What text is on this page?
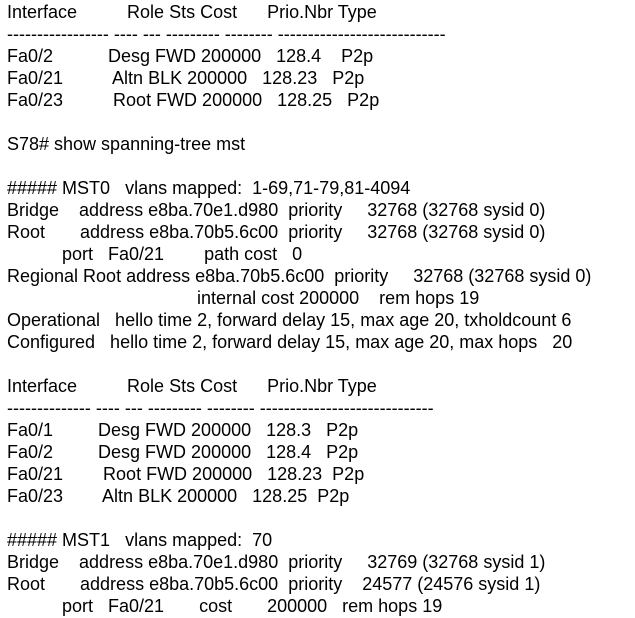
Interface          Role Sts Cost      Prio.Nbr Type
----------------- ---- --- --------- -------- ----------------------------
Fa0/2           Desg FWD 200000   128.4    P2p
Fa0/21          Altn BLK 200000   128.23   P2p
Fa0/23          Root FWD 200000   128.25   P2p
S78# show spanning-tree mst
##### MST0   vlans mapped:  1-69,71-79,81-4094
Bridge    address e8ba.70e1.d980  priority     32768 (32768 sysid 0)
Root       address e8ba.70b5.6c00  priority     32768 (32768 sysid 0)
port   Fa0/21        path cost   0
Regional Root address e8ba.70b5.6c00  priority     32768 (32768 sysid 0)
internal cost 200000    rem hops 19
Operational   hello time 2, forward delay 15, max age 20, txholdcount 6
Configured   hello time 2, forward delay 15, max age 20, max hops   20
Interface          Role Sts Cost      Prio.Nbr Type
-------------- ---- --- --------- -------- -----------------------------
Fa0/1         Desg FWD 200000   128.3   P2p
Fa0/2         Desg FWD 200000   128.4   P2p
Fa0/21        Root FWD 200000   128.23  P2p
Fa0/23        Altn BLK 200000   128.25  P2p
##### MST1   vlans mapped:  70
Bridge    address e8ba.70e1.d980  priority     32769 (32768 sysid 1)
Root       address e8ba.70b5.6c00  priority    24577 (24576 sysid 1)
port   Fa0/21       cost       200000   rem hops 19
